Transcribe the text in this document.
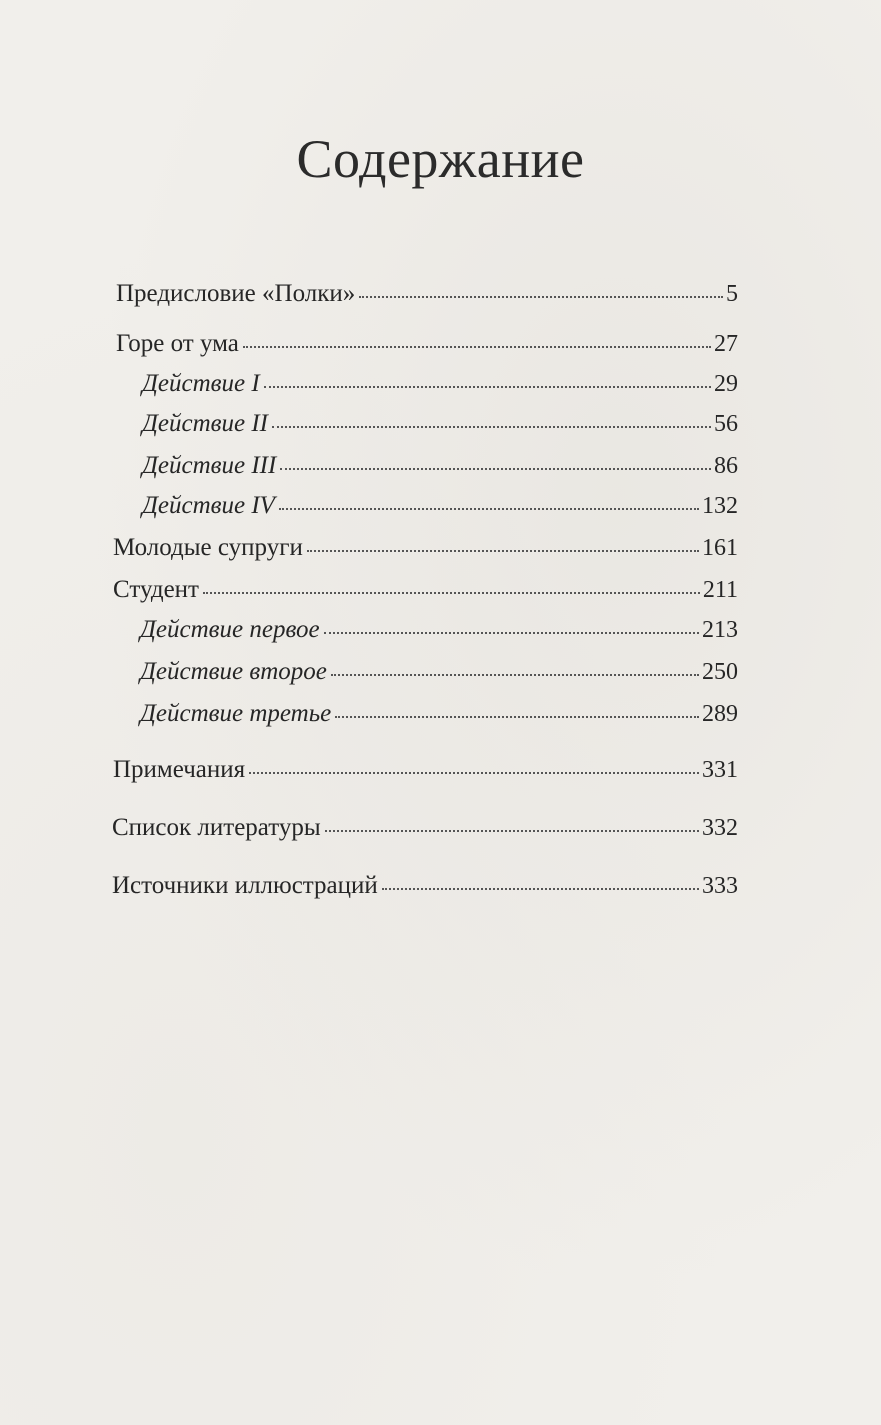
Содержание
Предисловие «Полки»	5
Горе от ума	27
Действие I	29
Действие II	56
Действие III	86
Действие IV	132
Молодые супруги	161
Студент	211
Действие первое	213
Действие второе	250
Действие третье	289
Примечания	331
Список литературы	332
Источники иллюстраций	333
